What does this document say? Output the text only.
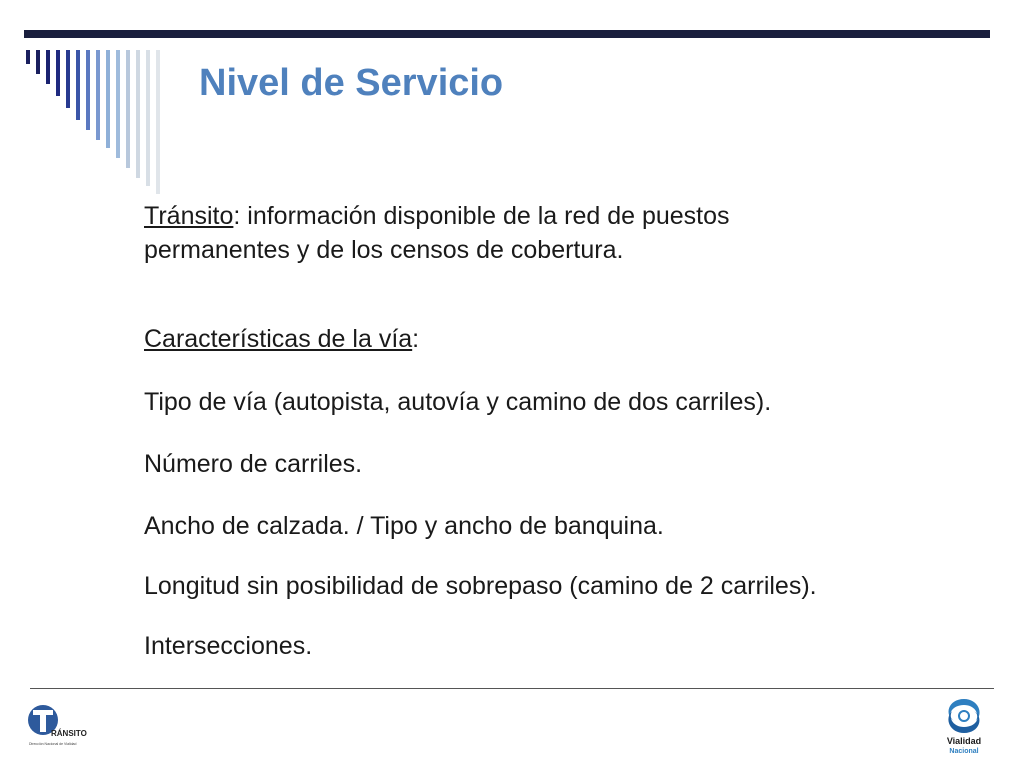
Nivel de Servicio

Tránsito: información disponible de la red de puestos
permanentes y de los censos de cobertura.

Características de la vía:

Tipo de vía (autopista, autovía y camino de dos carriles).

Número de carriles.

Ancho de calzada. / Tipo y ancho de banquina.

Longitud sin posibilidad de sobrepaso (camino de 2 carriles).

Intersecciones.

RÁNSITO
Dirección Nacional de Vialidad	Vialidad
Nacional
